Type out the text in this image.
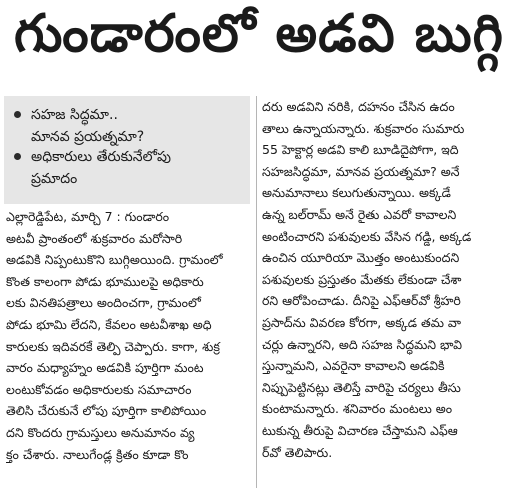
గుండారంలో అడవి బుగ్గి
సహజ సిద్ధమా..
మానవ ప్రయత్నమా?
అధికారులు తేరుకునేలోపు
ప్రమాదం
ఎల్లారెడ్డిపేట, మార్చి 7 : గుండారం
అటవీ ప్రాంతంలో శుక్రవారం మరోసారి
అడవికి నిప్పంటుకొని బుగ్గిఅయింది. గ్రామంలో
కొంత కాలంగా పోడు భూములపై అధికారు
లకు వినతిపత్రాలు అందించగా, గ్రామంలో
పోడు భూమి లేదని, కేవలం అటవీశాఖ అధి
కారులకు ఇదివరకే తెల్పి చెప్పారు. కాగా, శుక్ర
వారం మధ్యాహ్నం అడవికి పూర్తిగా మంట
లంటుకోవడం అధికారులకు సమాచారం
తెలిసి చేరుకునే లోపు పూర్తిగా కాలిపోయిం
దని కొందరు గ్రామస్తులు అనుమానం వ్య
క్తం చేశారు. నాలుగేండ్ల క్రితం కూడా కొం
దరు అడవిని నరికి, దహనం చేసిన ఉదం
తాలు ఉన్నాయన్నారు. శుక్రవారం సుమారు
55 హెక్టార్ల అడవి కాలి బూడిదైపోగా, ఇది
సహజసిద్ధమా, మానవ ప్రయత్నమా? అనే
అనుమానాలు కలుగుతున్నాయి. అక్కడే
ఉన్న బల్‌రామ్ అనే రైతు ఎవరో కావాలని
అంటించారని పశువులకు వేసిన గడ్డి, అక్కడ
ఉంచిన యూరియా మొత్తం అంటుకుందని
పశువులకు ప్రస్తుతం మేతకు లేకుండా చేశా
రని ఆరోపించాడు. దీనిపై ఎఫ్‌ఆర్‌వో శ్రీహరి
ప్రసాద్‌ను వివరణ కోరగా, అక్కడ తమ వా
చర్లు ఉన్నారని, అది సహజ సిద్ధమని భావి
స్తున్నామని, ఎవరైనా కావాలని అడవికి
నిప్పుపెట్టినట్లు తెలిస్తే వారిపై చర్యలు తీసు
కుంటామన్నారు. శనివారం మంటలు అం
టుకున్న తీరుపై విచారణ చేస్తామని ఎఫ్‌ఆ
ర్‌వో తెలిపారు.
